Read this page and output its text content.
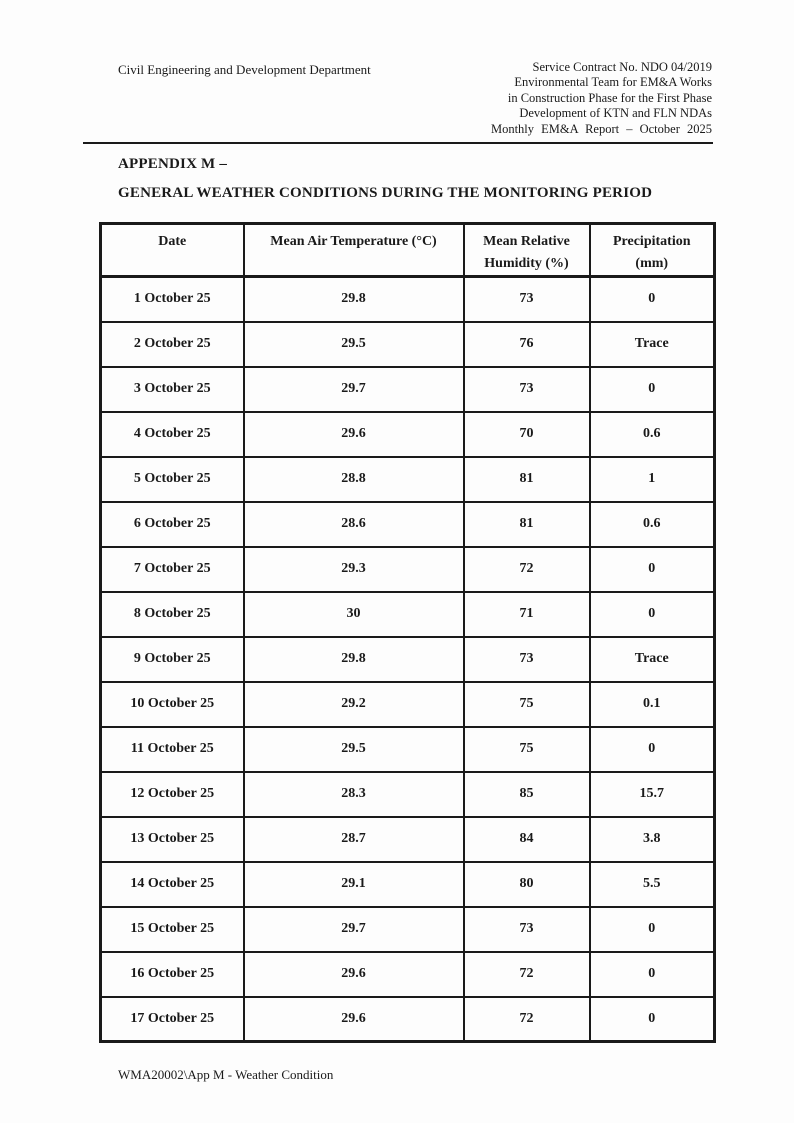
Civil Engineering and Development Department	Service Contract No. NDO 04/2019
Environmental Team for EM&A Works
in Construction Phase for the First Phase
Development of KTN and FLN NDAs
Monthly EM&A Report – October 2025
APPENDIX M –
GENERAL WEATHER CONDITIONS DURING THE MONITORING PERIOD
Date	Mean Air Temperature (°C)	Mean Relative Humidity (%)	Precipitation (mm)
1 October 25	29.8	73	0
2 October 25	29.5	76	Trace
3 October 25	29.7	73	0
4 October 25	29.6	70	0.6
5 October 25	28.8	81	1
6 October 25	28.6	81	0.6
7 October 25	29.3	72	0
8 October 25	30	71	0
9 October 25	29.8	73	Trace
10 October 25	29.2	75	0.1
11 October 25	29.5	75	0
12 October 25	28.3	85	15.7
13 October 25	28.7	84	3.8
14 October 25	29.1	80	5.5
15 October 25	29.7	73	0
16 October 25	29.6	72	0
17 October 25	29.6	72	0
WMA20002\App M - Weather Condition
